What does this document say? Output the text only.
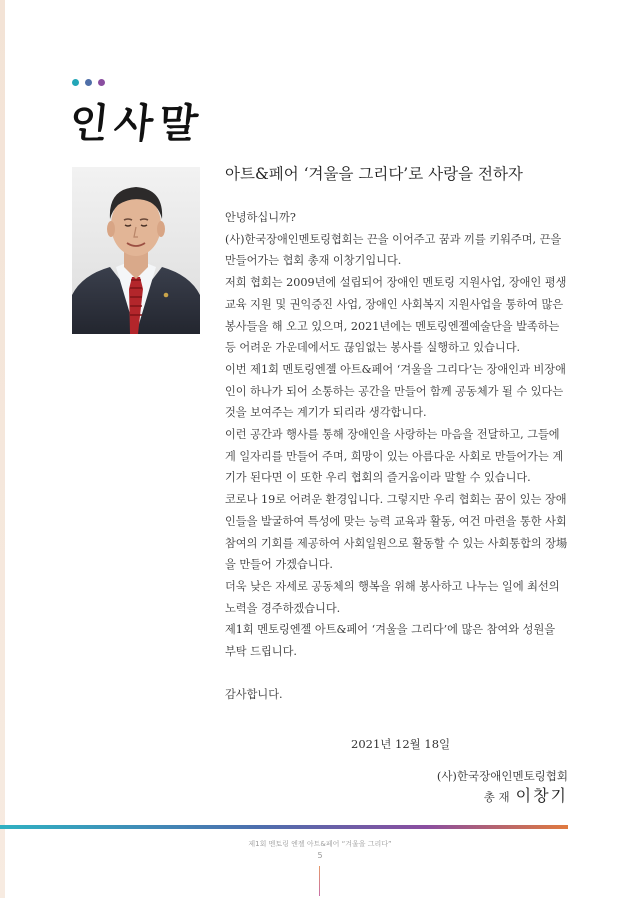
인사말
아트&페어 ‘겨울을 그리다’로 사랑을 전하자

안녕하십니까?

(사)한국장애인멘토링협회는 끈을 이어주고 꿈과 끼를 키워주며, 끈을 만들어가는 협회 총재 이창기입니다.

저희 협회는 2009년에 설립되어 장애인 멘토링 지원사업, 장애인 평생교육 지원 및 권익증진 사업, 장애인 사회복지 지원사업을 통하여 많은 봉사들을 해 오고 있으며, 2021년에는 멘토링엔젤예술단을 발족하는 등 어려운 가운데에서도 끊임없는 봉사를 실행하고 있습니다.

이번 제1회 멘토링엔젤 아트&페어 ‘겨울을 그리다’는 장애인과 비장애인이 하나가 되어 소통하는 공간을 만들어 함께 공동체가 될 수 있다는 것을 보여주는 계기가 되리라 생각합니다.

이런 공간과 행사를 통해 장애인을 사랑하는 마음을 전달하고, 그들에게 일자리를 만들어 주며, 희망이 있는 아름다운 사회로 만들어가는 계기가 된다면 이 또한 우리 협회의 즐거움이라 말할 수 있습니다.

코로나 19로 어려운 환경입니다. 그렇지만 우리 협회는 꿈이 있는 장애인들을 발굴하여 특성에 맞는 능력 교육과 활동, 여건 마련을 통한 사회 참여의 기회를 제공하여 사회일원으로 활동할 수 있는 사회통합의 장場을 만들어 가겠습니다.

더욱 낮은 자세로 공동체의 행복을 위해 봉사하고 나누는 일에 최선의 노력을 경주하겠습니다.

제1회 멘토링엔젤 아트&페어 ‘겨울을 그리다’에 많은 참여와 성원을 부탁 드립니다.

감사합니다.

2021년 12월 18일
(사)한국장애인멘토링협회
총 재 이창기
제1회 멘토링 엔젤 아트&페어 “겨울을 그리다”
5
